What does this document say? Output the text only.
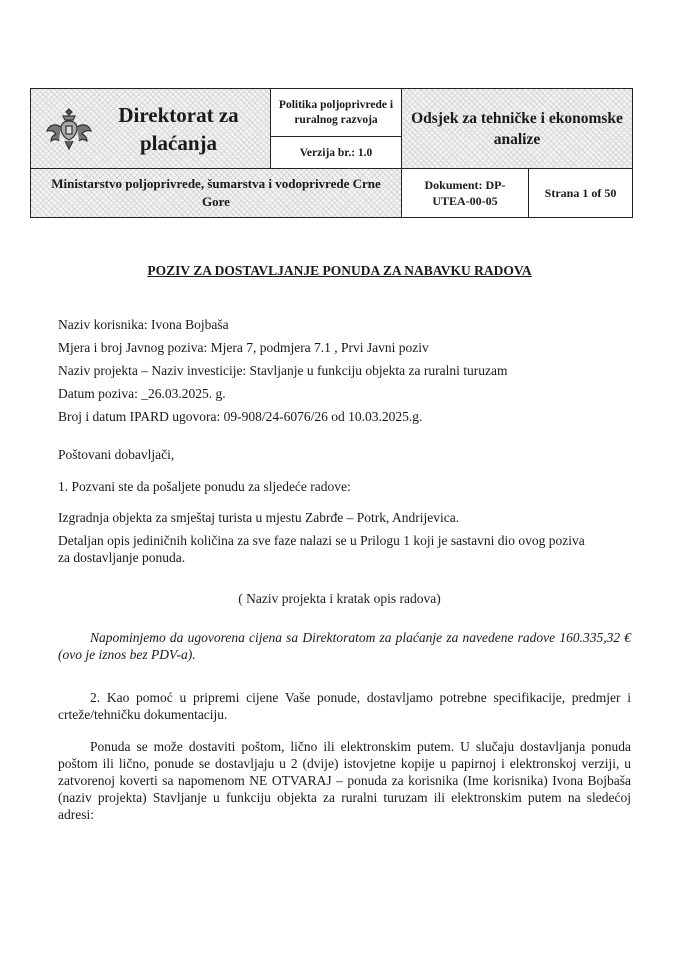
Direktorat za plaćanja
Politika poljoprivrede i ruralnog razvoja
Verzija br.: 1.0
Odsjek za tehničke i ekonomske analize
Ministarstvo poljoprivrede, šumarstva i vodoprivrede Crne Gore
Dokument: DP-UTEA-00-05
Strana 1 of 50
POZIV ZA DOSTAVLJANJE PONUDA ZA NABAVKU RADOVA
Naziv korisnika: Ivona Bojbaša
Mjera i broj Javnog poziva: Mjera 7, podmjera 7.1 , Prvi Javni poziv
Naziv projekta – Naziv investicije: Stavljanje u funkciju objekta za ruralni turuzam
Datum poziva: _26.03.2025. g.
Broj i datum IPARD ugovora: 09-908/24-6076/26 od 10.03.2025.g.
Poštovani dobavljači,
1. Pozvani ste da pošaljete ponudu za sljedeće radove:
Izgradnja objekta za smještaj turista u mjestu Zabrđe – Potrk, Andrijevica.
Detaljan opis jediničnih količina za sve faze nalazi se u Prilogu 1 koji je sastavni dio ovog poziva za dostavljanje ponuda.
( Naziv projekta i kratak opis radova)
Napominjemo da ugovorena cijena sa Direktoratom za plaćanje za navedene radove 160.335,32 € (ovo je iznos bez PDV-a).
2. Kao pomoć u pripremi cijene Vaše ponude, dostavljamo potrebne specifikacije, predmjer i crteže/tehničku dokumentaciju.
Ponuda se može dostaviti poštom, lično ili elektronskim putem. U slučaju dostavljanja ponuda poštom ili lično, ponude se dostavljaju u 2 (dvije) istovjetne kopije u papirnoj i elektronskoj verziji, u zatvorenoj koverti sa napomenom NE OTVARAJ – ponuda za korisnika (Ime korisnika) Ivona Bojbaša (naziv projekta) Stavljanje u funkciju objekta za ruralni turuzam ili elektronskim putem na sledećoj adresi:
